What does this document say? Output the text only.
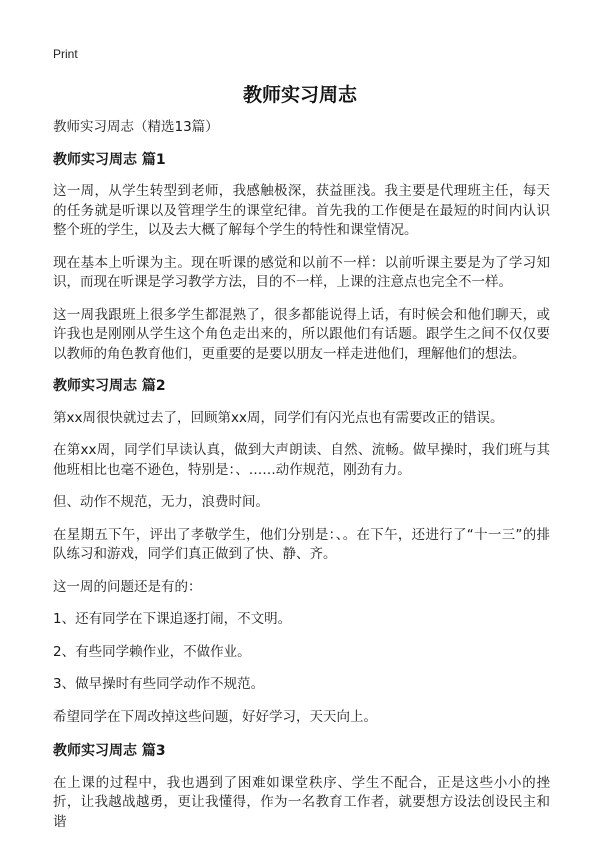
Print
教师实习周志

教师实习周志（精选13篇）

教师实习周志 篇1

这一周，从学生转型到老师，我感触极深，获益匪浅。我主要是代理班主任，每天的任务就是听课以及管理学生的课堂纪律。首先我的工作便是在最短的时间内认识整个班的学生，以及去大概了解每个学生的特性和课堂情况。

现在基本上听课为主。现在听课的感觉和以前不一样：以前听课主要是为了学习知识，而现在听课是学习教学方法，目的不一样，上课的注意点也完全不一样。

这一周我跟班上很多学生都混熟了，很多都能说得上话，有时候会和他们聊天，或许我也是刚刚从学生这个角色走出来的，所以跟他们有话题。跟学生之间不仅仅要以教师的角色教育他们，更重要的是要以朋友一样走进他们，理解他们的想法。

教师实习周志 篇2

第xx周很快就过去了，回顾第xx周，同学们有闪光点也有需要改正的错误。

在第xx周，同学们早读认真，做到大声朗读、自然、流畅。做早操时，我们班与其他班相比也毫不逊色，特别是：、……动作规范，刚劲有力。

但、动作不规范，无力，浪费时间。

在星期五下午，评出了孝敬学生，他们分别是：、。在下午，还进行了“十一三”的排队练习和游戏，同学们真正做到了快、静、齐。

这一周的问题还是有的：

1、还有同学在下课追逐打闹，不文明。

2、有些同学赖作业，不做作业。

3、做早操时有些同学动作不规范。

希望同学在下周改掉这些问题，好好学习，天天向上。

教师实习周志 篇3

在上课的过程中，我也遇到了困难如课堂秩序、学生不配合，正是这些小小的挫折，让我越战越勇，更让我懂得，作为一名教育工作者，就要想方设法创设民主和谐
